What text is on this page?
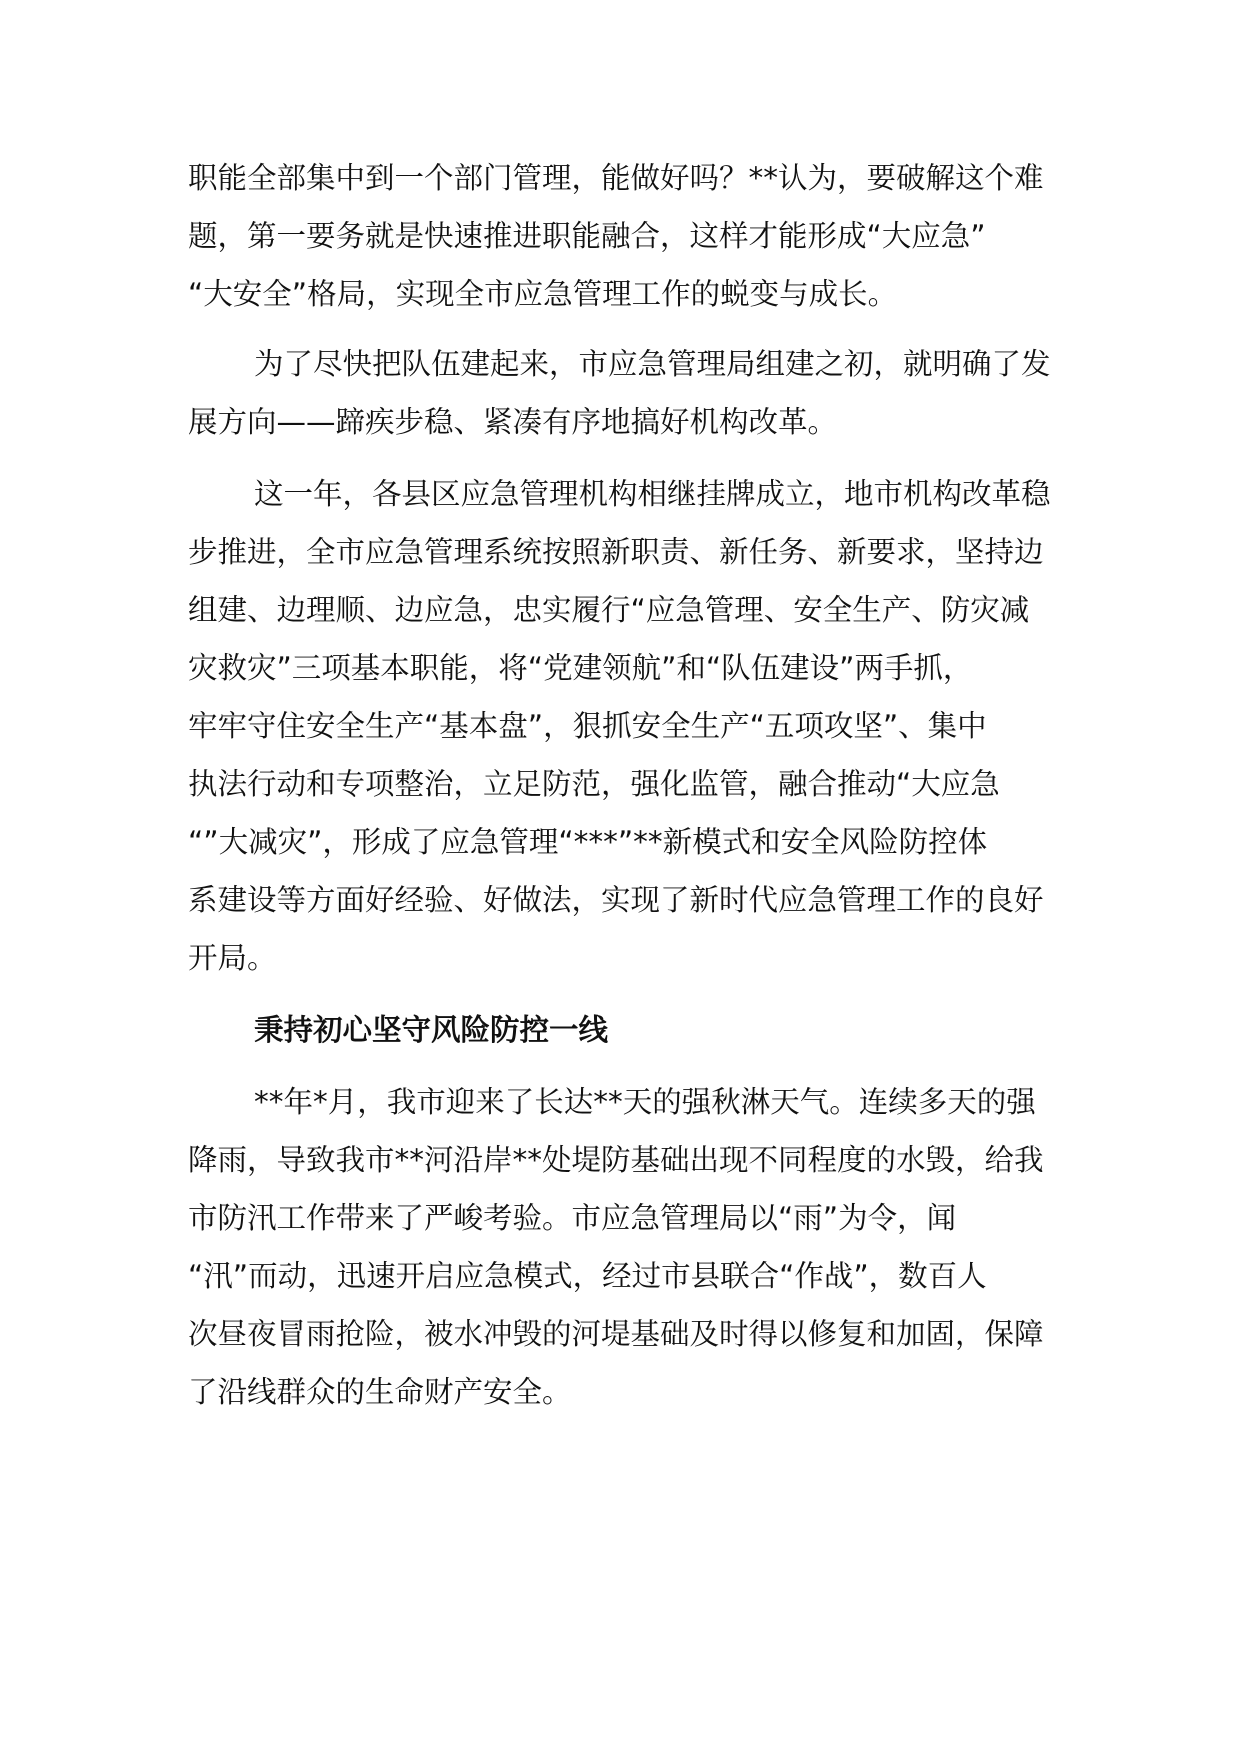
职能全部集中到一个部门管理，能做好吗？**认为，要破解这个难
题，第一要务就是快速推进职能融合，这样才能形成“大应急”
“大安全”格局，实现全市应急管理工作的蜕变与成长。
为了尽快把队伍建起来，市应急管理局组建之初，就明确了发
展方向——蹄疾步稳、紧凑有序地搞好机构改革。
这一年，各县区应急管理机构相继挂牌成立，地市机构改革稳
步推进，全市应急管理系统按照新职责、新任务、新要求，坚持边
组建、边理顺、边应急，忠实履行“应急管理、安全生产、防灾减
灾救灾”三项基本职能，将“党建领航”和“队伍建设”两手抓，
牢牢守住安全生产“基本盘”，狠抓安全生产“五项攻坚”、集中
执法行动和专项整治，立足防范，强化监管，融合推动“大应急
“”大减灾”，形成了应急管理“***”**新模式和安全风险防控体
系建设等方面好经验、好做法，实现了新时代应急管理工作的良好
开局。
秉持初心坚守风险防控一线
**年*月，我市迎来了长达**天的强秋淋天气。连续多天的强
降雨，导致我市**河沿岸**处堤防基础出现不同程度的水毁，给我
市防汛工作带来了严峻考验。市应急管理局以“雨”为令，闻
“汛”而动，迅速开启应急模式，经过市县联合“作战”，数百人
次昼夜冒雨抢险，被水冲毁的河堤基础及时得以修复和加固，保障
了沿线群众的生命财产安全。
